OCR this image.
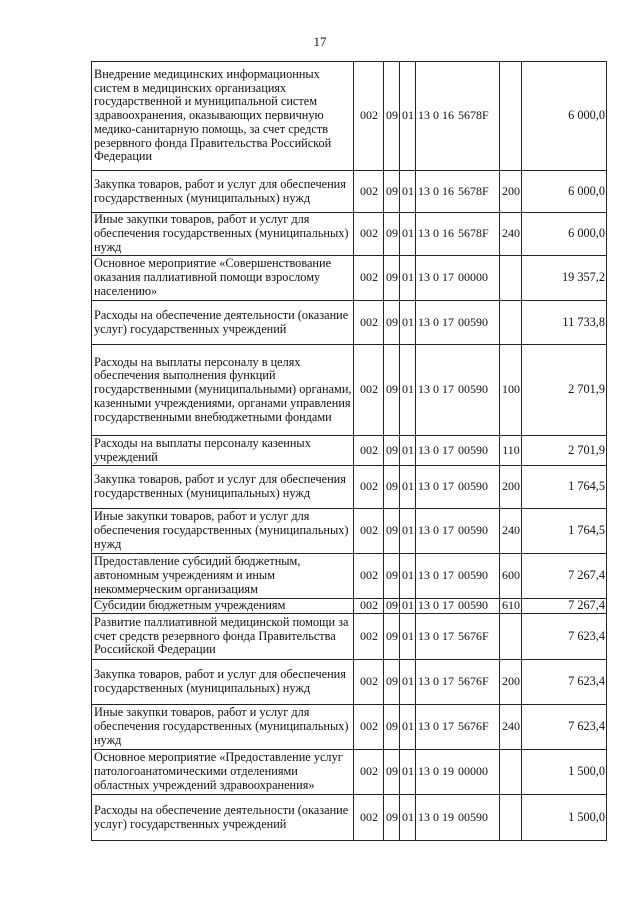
17
Внедрение медицинских информационных систем в медицинских организациях государственной и муниципальной систем здравоохранения, оказывающих первичную медико-санитарную помощь, за счет средств резервного фонда Правительства Российской Федерации	002	09	01	13 0 16 5678F		6 000,0
Закупка товаров, работ и услуг для обеспечения государственных (муниципальных) нужд	002	09	01	13 0 16 5678F	200	6 000,0
Иные закупки товаров, работ и услуг для обеспечения государственных (муниципальных) нужд	002	09	01	13 0 16 5678F	240	6 000,0
Основное мероприятие «Совершенствование оказания паллиативной помощи взрослому населению»	002	09	01	13 0 17 00000		19 357,2
Расходы на обеспечение деятельности (оказание услуг) государственных учреждений	002	09	01	13 0 17 00590		11 733,8
Расходы на выплаты персоналу в целях обеспечения выполнения функций государственными (муниципальными) органами, казенными учреждениями, органами управления государственными внебюджетными фондами	002	09	01	13 0 17 00590	100	2 701,9
Расходы на выплаты персоналу казенных учреждений	002	09	01	13 0 17 00590	110	2 701,9
Закупка товаров, работ и услуг для обеспечения государственных (муниципальных) нужд	002	09	01	13 0 17 00590	200	1 764,5
Иные закупки товаров, работ и услуг для обеспечения государственных (муниципальных) нужд	002	09	01	13 0 17 00590	240	1 764,5
Предоставление субсидий бюджетным, автономным учреждениям и иным некоммерческим организациям	002	09	01	13 0 17 00590	600	7 267,4
Субсидии бюджетным учреждениям	002	09	01	13 0 17 00590	610	7 267,4
Развитие паллиативной медицинской помощи за счет средств резервного фонда Правительства Российской Федерации	002	09	01	13 0 17 5676F		7 623,4
Закупка товаров, работ и услуг для обеспечения государственных (муниципальных) нужд	002	09	01	13 0 17 5676F	200	7 623,4
Иные закупки товаров, работ и услуг для обеспечения государственных (муниципальных) нужд	002	09	01	13 0 17 5676F	240	7 623,4
Основное мероприятие «Предоставление услуг патологоанатомическими отделениями областных учреждений здравоохранения»	002	09	01	13 0 19 00000		1 500,0
Расходы на обеспечение деятельности (оказание услуг) государственных учреждений	002	09	01	13 0 19 00590		1 500,0
